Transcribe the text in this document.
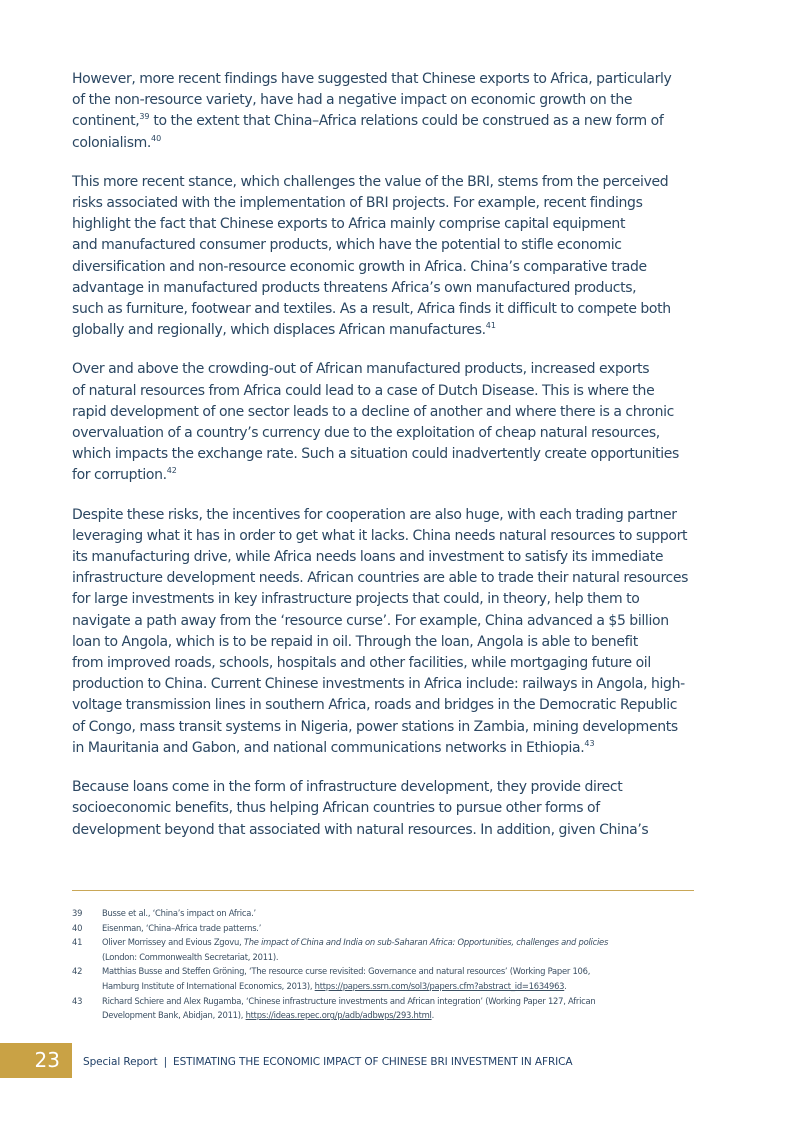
However, more recent findings have suggested that Chinese exports to Africa, particularly
of the non-resource variety, have had a negative impact on economic growth on the
continent,$^{39}$ to the extent that China–Africa relations could be construed as a new form of
colonialism.$^{40}$

This more recent stance, which challenges the value of the BRI, stems from the perceived
risks associated with the implementation of BRI projects. For example, recent findings
highlight the fact that Chinese exports to Africa mainly comprise capital equipment
and manufactured consumer products, which have the potential to stifle economic
diversification and non-resource economic growth in Africa. China’s comparative trade
advantage in manufactured products threatens Africa’s own manufactured products,
such as furniture, footwear and textiles. As a result, Africa finds it difficult to compete both
globally and regionally, which displaces African manufactures.$^{41}$

Over and above the crowding-out of African manufactured products, increased exports
of natural resources from Africa could lead to a case of Dutch Disease. This is where the
rapid development of one sector leads to a decline of another and where there is a chronic
overvaluation of a country’s currency due to the exploitation of cheap natural resources,
which impacts the exchange rate. Such a situation could inadvertently create opportunities
for corruption.$^{42}$

Despite these risks, the incentives for cooperation are also huge, with each trading partner
leveraging what it has in order to get what it lacks. China needs natural resources to support
its manufacturing drive, while Africa needs loans and investment to satisfy its immediate
infrastructure development needs. African countries are able to trade their natural resources
for large investments in key infrastructure projects that could, in theory, help them to
navigate a path away from the ‘resource curse’. For example, China advanced a $5 billion
loan to Angola, which is to be repaid in oil. Through the loan, Angola is able to benefit
from improved roads, schools, hospitals and other facilities, while mortgaging future oil
production to China. Current Chinese investments in Africa include: railways in Angola, high-
voltage transmission lines in southern Africa, roads and bridges in the Democratic Republic
of Congo, mass transit systems in Nigeria, power stations in Zambia, mining developments
in Mauritania and Gabon, and national communications networks in Ethiopia.$^{43}$

Because loans come in the form of infrastructure development, they provide direct
socioeconomic benefits, thus helping African countries to pursue other forms of
development beyond that associated with natural resources. In addition, given China’s

39 Busse et al., ‘China’s impact on Africa.’
40 Eisenman, ‘China–Africa trade patterns.’
41 Oliver Morrissey and Evious Zgovu, The impact of China and India on sub-Saharan Africa: Opportunities, challenges and policies
(London: Commonwealth Secretariat, 2011).
42 Matthias Busse and Steffen Gröning, ‘The resource curse revisited: Governance and natural resources’ (Working Paper 106,
Hamburg Institute of International Economics, 2013), https://papers.ssrn.com/sol3/papers.cfm?abstract_id=1634963.
43 Richard Schiere and Alex Rugamba, ‘Chinese infrastructure investments and African integration’ (Working Paper 127, African
Development Bank, Abidjan, 2011), https://ideas.repec.org/p/adb/adbwps/293.html.
23	Special Report | ESTIMATING THE ECONOMIC IMPACT OF CHINESE BRI INVESTMENT IN AFRICA
